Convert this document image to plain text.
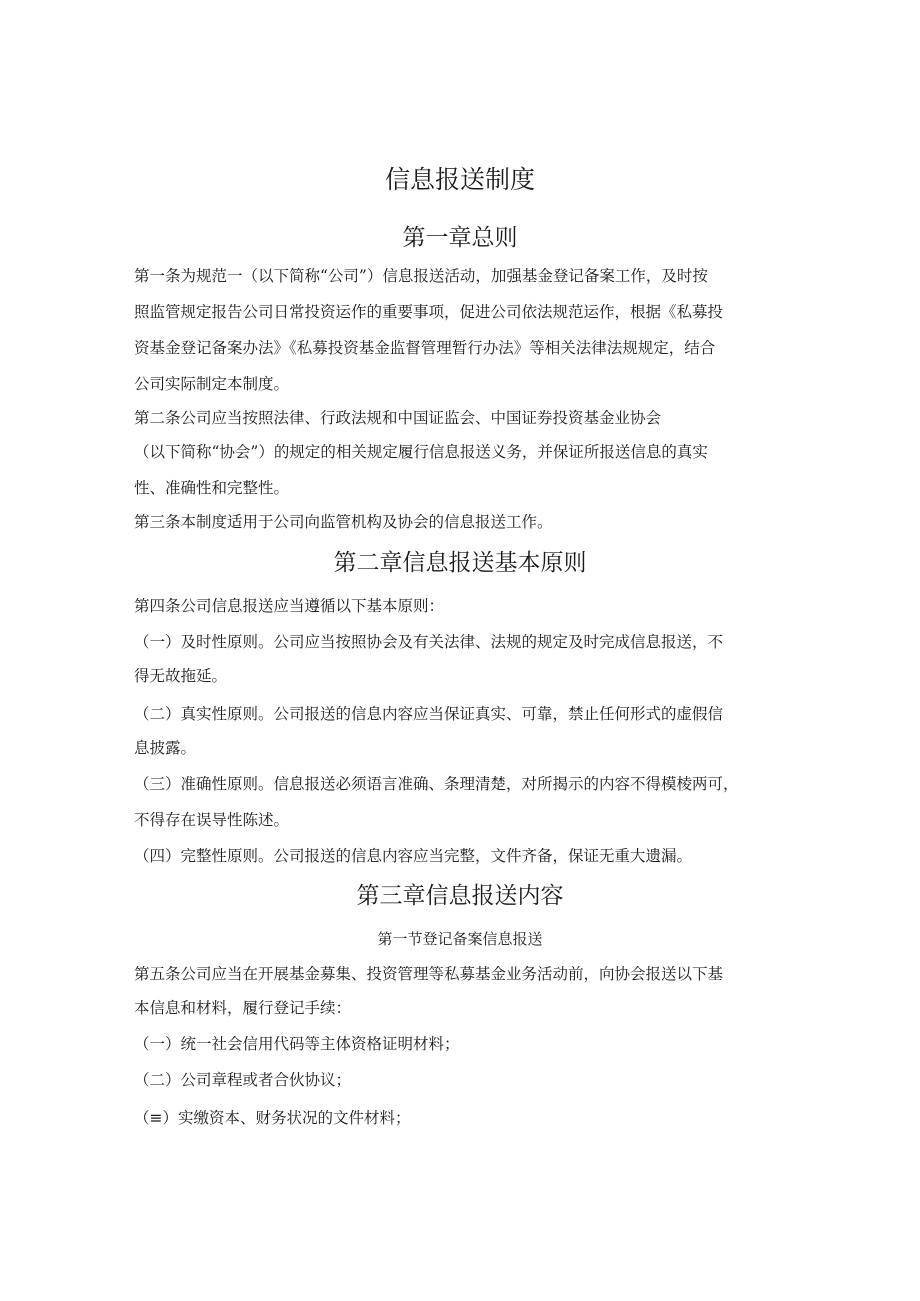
信息报送制度
第一章总则
第一条为规范一（以下简称“公司”）信息报送活动，加强基金登记备案工作，及时按
照监管规定报告公司日常投资运作的重要事项，促进公司依法规范运作，根据《私募投
资基金登记备案办法》《私募投资基金监督管理暂行办法》等相关法律法规规定，结合
公司实际制定本制度。
第二条公司应当按照法律、行政法规和中国证监会、中国证券投资基金业协会
（以下简称“协会”）的规定的相关规定履行信息报送义务，并保证所报送信息的真实
性、准确性和完整性。
第三条本制度适用于公司向监管机构及协会的信息报送工作。
第二章信息报送基本原则
第四条公司信息报送应当遵循以下基本原则：
（一）及时性原则。公司应当按照协会及有关法律、法规的规定及时完成信息报送，不
得无故拖延。
（二）真实性原则。公司报送的信息内容应当保证真实、可靠，禁止任何形式的虚假信
息披露。
（三）准确性原则。信息报送必须语言准确、条理清楚，对所揭示的内容不得模棱两可，
不得存在误导性陈述。
（四）完整性原则。公司报送的信息内容应当完整，文件齐备，保证无重大遗漏。
第三章信息报送内容
第一节登记备案信息报送
第五条公司应当在开展基金募集、投资管理等私募基金业务活动前，向协会报送以下基
本信息和材料，履行登记手续：
（一）统一社会信用代码等主体资格证明材料；
（二）公司章程或者合伙协议；
（≡）实缴资本、财务状况的文件材料；
